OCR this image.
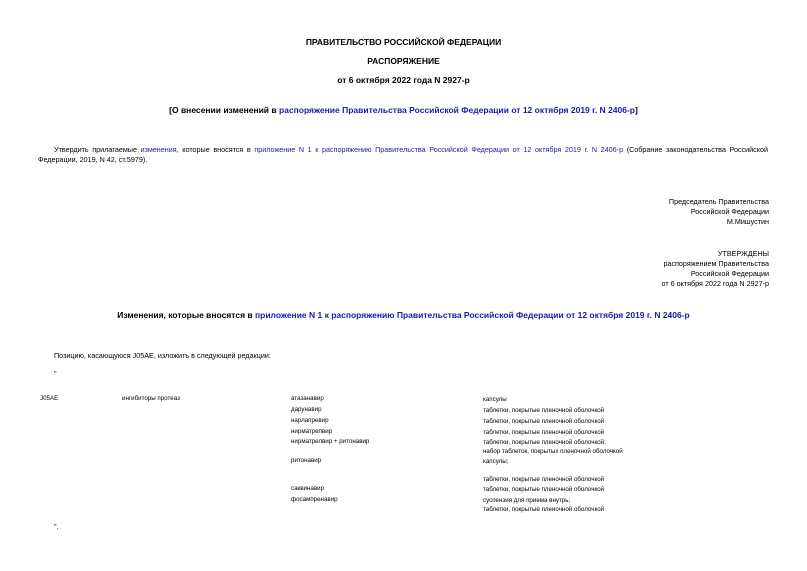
ПРАВИТЕЛЬСТВО РОССИЙСКОЙ ФЕДЕРАЦИИ
РАСПОРЯЖЕНИЕ
от 6 октября 2022 года N 2927-р
[О внесении изменений в распоряжение Правительства Российской Федерации от 12 октября 2019 г. N 2406-р]
Утвердить прилагаемые изменения, которые вносятся в приложение N 1 к распоряжению Правительства Российской Федерации от 12 октября 2019 г. N 2406-р (Собрание законодательства Российской Федерации, 2019, N 42, ст.5979).
Председатель Правительства
Российской Федерации
М.Мишустин
УТВЕРЖДЕНЫ
распоряжением Правительства
Российской Федерации
от 6 октября 2022 года N 2927-р
Изменения, которые вносятся в приложение N 1 к распоряжению Правительства Российской Федерации от 12 октября 2019 г. N 2406-р
Позицию, касающуюся J05AE, изложить в следующей редакции:
"
J05AE	ингибиторы протеаз	атазанавир	капсулы
дарунавир	таблетки, покрытые пленочной оболочкой
нарлапревир	таблетки, покрытые пленочной оболочкой
нирматрелвир	таблетки, покрытые пленочной оболочкой
нирматрелвир + ритонавир	таблетки, покрытые пленочной оболочкой;
набор таблеток, покрытых пленочной оболочкой
ритонавир	капсулы;
таблетки, покрытые пленочной оболочкой
саквинавир	таблетки, покрытые пленочной оболочкой
фосампренавир	суспензия для приема внутрь;
таблетки, покрытые пленочной оболочкой
".
